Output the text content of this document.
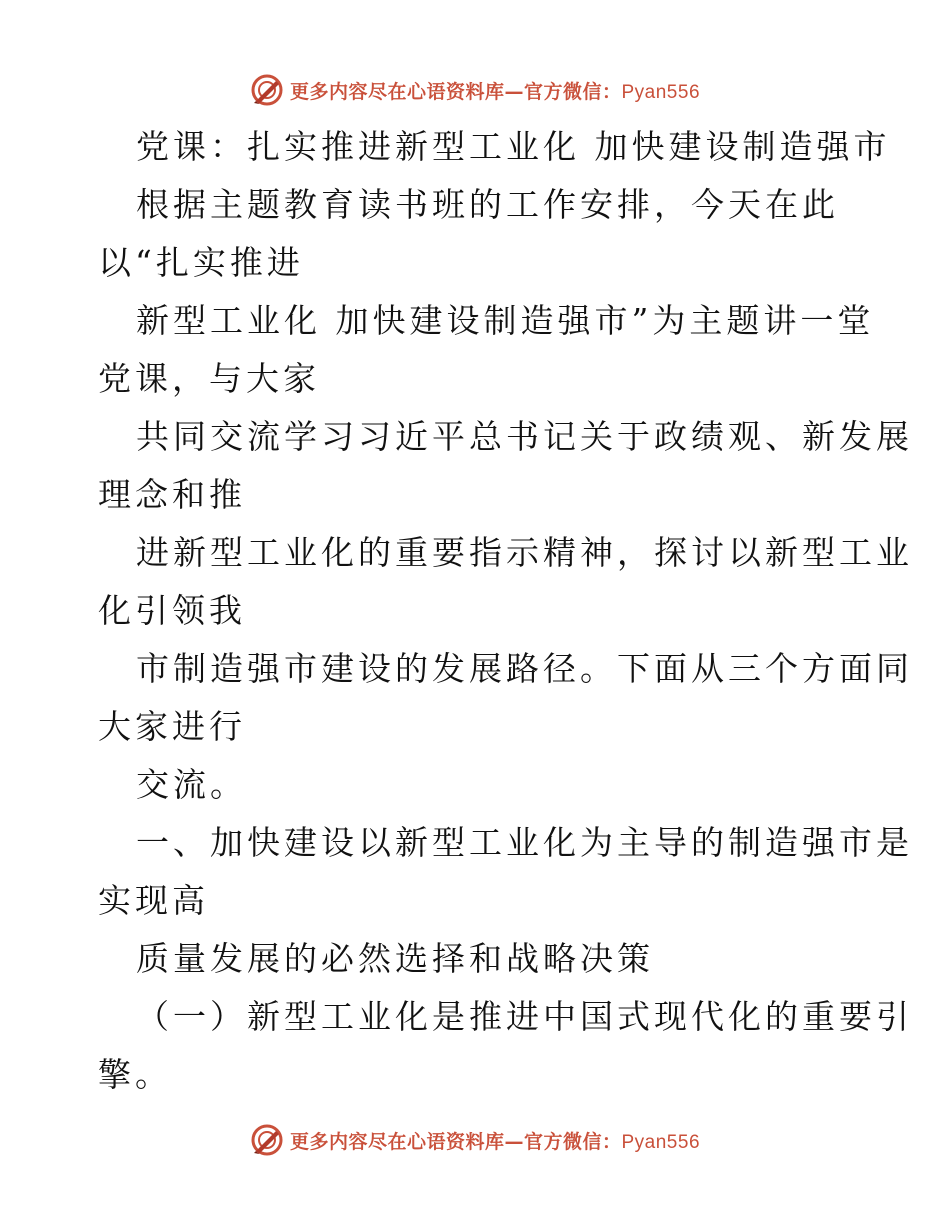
更多内容尽在心语资料库—官方微信：Pyan556
党课：扎实推进新型工业化 加快建设制造强市
根据主题教育读书班的工作安排，今天在此
以“扎实推进
新型工业化 加快建设制造强市”为主题讲一堂
党课，与大家
共同交流学习习近平总书记关于政绩观、新发展
理念和推
进新型工业化的重要指示精神，探讨以新型工业
化引领我
市制造强市建设的发展路径。下面从三个方面同
大家进行
交流。
一、加快建设以新型工业化为主导的制造强市是
实现高
质量发展的必然选择和战略决策
（一）新型工业化是推进中国式现代化的重要引
擎。
更多内容尽在心语资料库—官方微信：Pyan556
